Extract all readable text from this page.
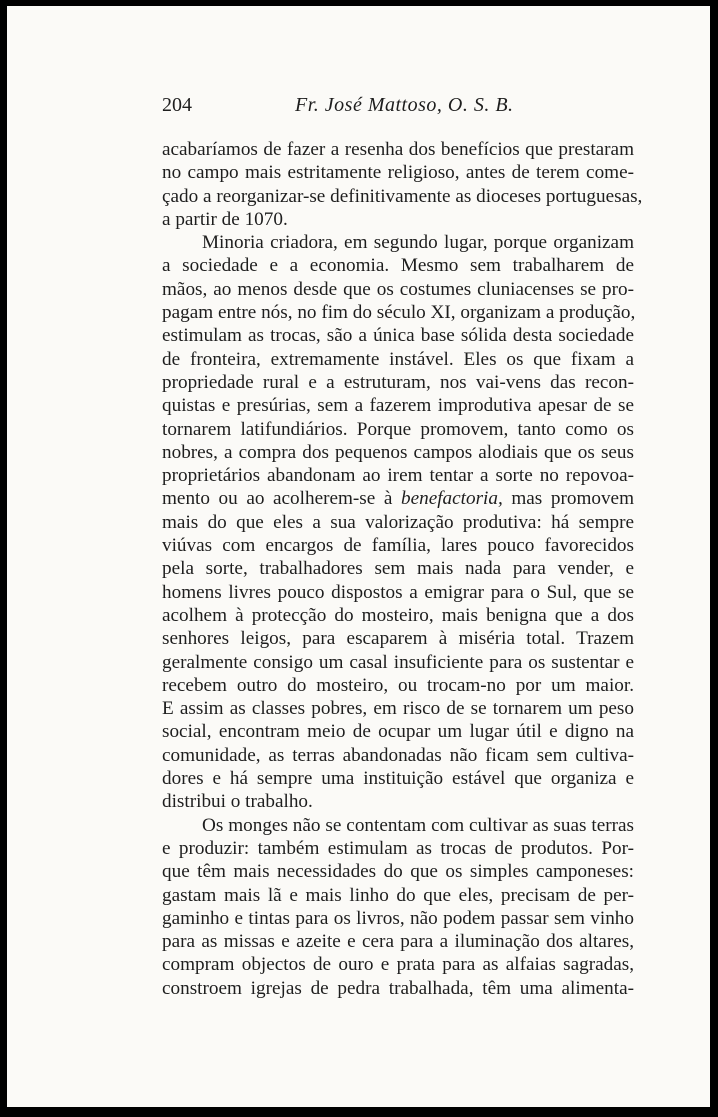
204	Fr. José Mattoso, O. S. B.
acabaríamos de fazer a resenha dos benefícios que prestaram
no campo mais estritamente religioso, antes de terem come-
çado a reorganizar-se definitivamente as dioceses portuguesas,
a partir de 1070.
Minoria criadora, em segundo lugar, porque organizam
a sociedade e a economia. Mesmo sem trabalharem de
mãos, ao menos desde que os costumes cluniacenses se pro-
pagam entre nós, no fim do século XI, organizam a produção,
estimulam as trocas, são a única base sólida desta sociedade
de fronteira, extremamente instável. Eles os que fixam a
propriedade rural e a estruturam, nos vai-vens das recon-
quistas e presúrias, sem a fazerem improdutiva apesar de se
tornarem latifundiários. Porque promovem, tanto como os
nobres, a compra dos pequenos campos alodiais que os seus
proprietários abandonam ao irem tentar a sorte no repovoa-
mento ou ao acolherem-se à benefactoria, mas promovem
mais do que eles a sua valorização produtiva: há sempre
viúvas com encargos de família, lares pouco favorecidos
pela sorte, trabalhadores sem mais nada para vender, e
homens livres pouco dispostos a emigrar para o Sul, que se
acolhem à protecção do mosteiro, mais benigna que a dos
senhores leigos, para escaparem à miséria total. Trazem
geralmente consigo um casal insuficiente para os sustentar e
recebem outro do mosteiro, ou trocam-no por um maior.
E assim as classes pobres, em risco de se tornarem um peso
social, encontram meio de ocupar um lugar útil e digno na
comunidade, as terras abandonadas não ficam sem cultiva-
dores e há sempre uma instituição estável que organiza e
distribui o trabalho.
Os monges não se contentam com cultivar as suas terras
e produzir: também estimulam as trocas de produtos. Por-
que têm mais necessidades do que os simples camponeses:
gastam mais lã e mais linho do que eles, precisam de per-
gaminho e tintas para os livros, não podem passar sem vinho
para as missas e azeite e cera para a iluminação dos altares,
compram objectos de ouro e prata para as alfaias sagradas,
constroem igrejas de pedra trabalhada, têm uma alimenta-
